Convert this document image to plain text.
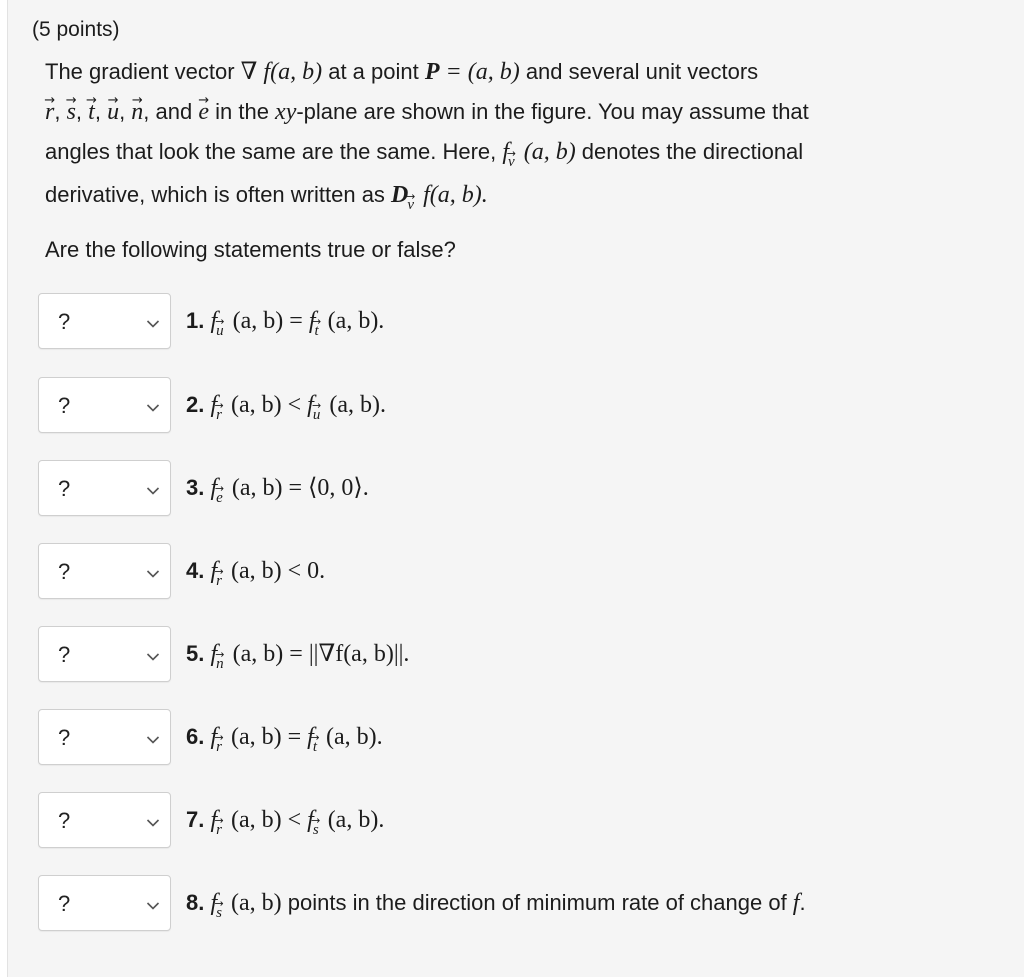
(5 points)

The gradient vector ∇ f(a, b) at a point P = (a, b) and several unit vectors

→ r, → s, → t, → u, → n, and → e in the xy-plane are shown in the figure. You may assume that

angles that look the same are the same. Here, f→ v (a, b) denotes the directional

derivative, which is often written as D→ v f(a, b).

Are the following statements true or false?
?	1. f→ u (a, b) = f→ t (a, b).
?	2. f→ r (a, b) < f→ u (a, b).
?	3. f→ e (a, b) = ⟨0, 0⟩.
?	4. f→ r (a, b) < 0.
?	5. f→ n (a, b) = ||∇f(a, b)||.
?	6. f→ r (a, b) = f→ t (a, b).
?	7. f→ r (a, b) < f→ s (a, b).
?	8. f→ s (a, b) points in the direction of minimum rate of change of f.
